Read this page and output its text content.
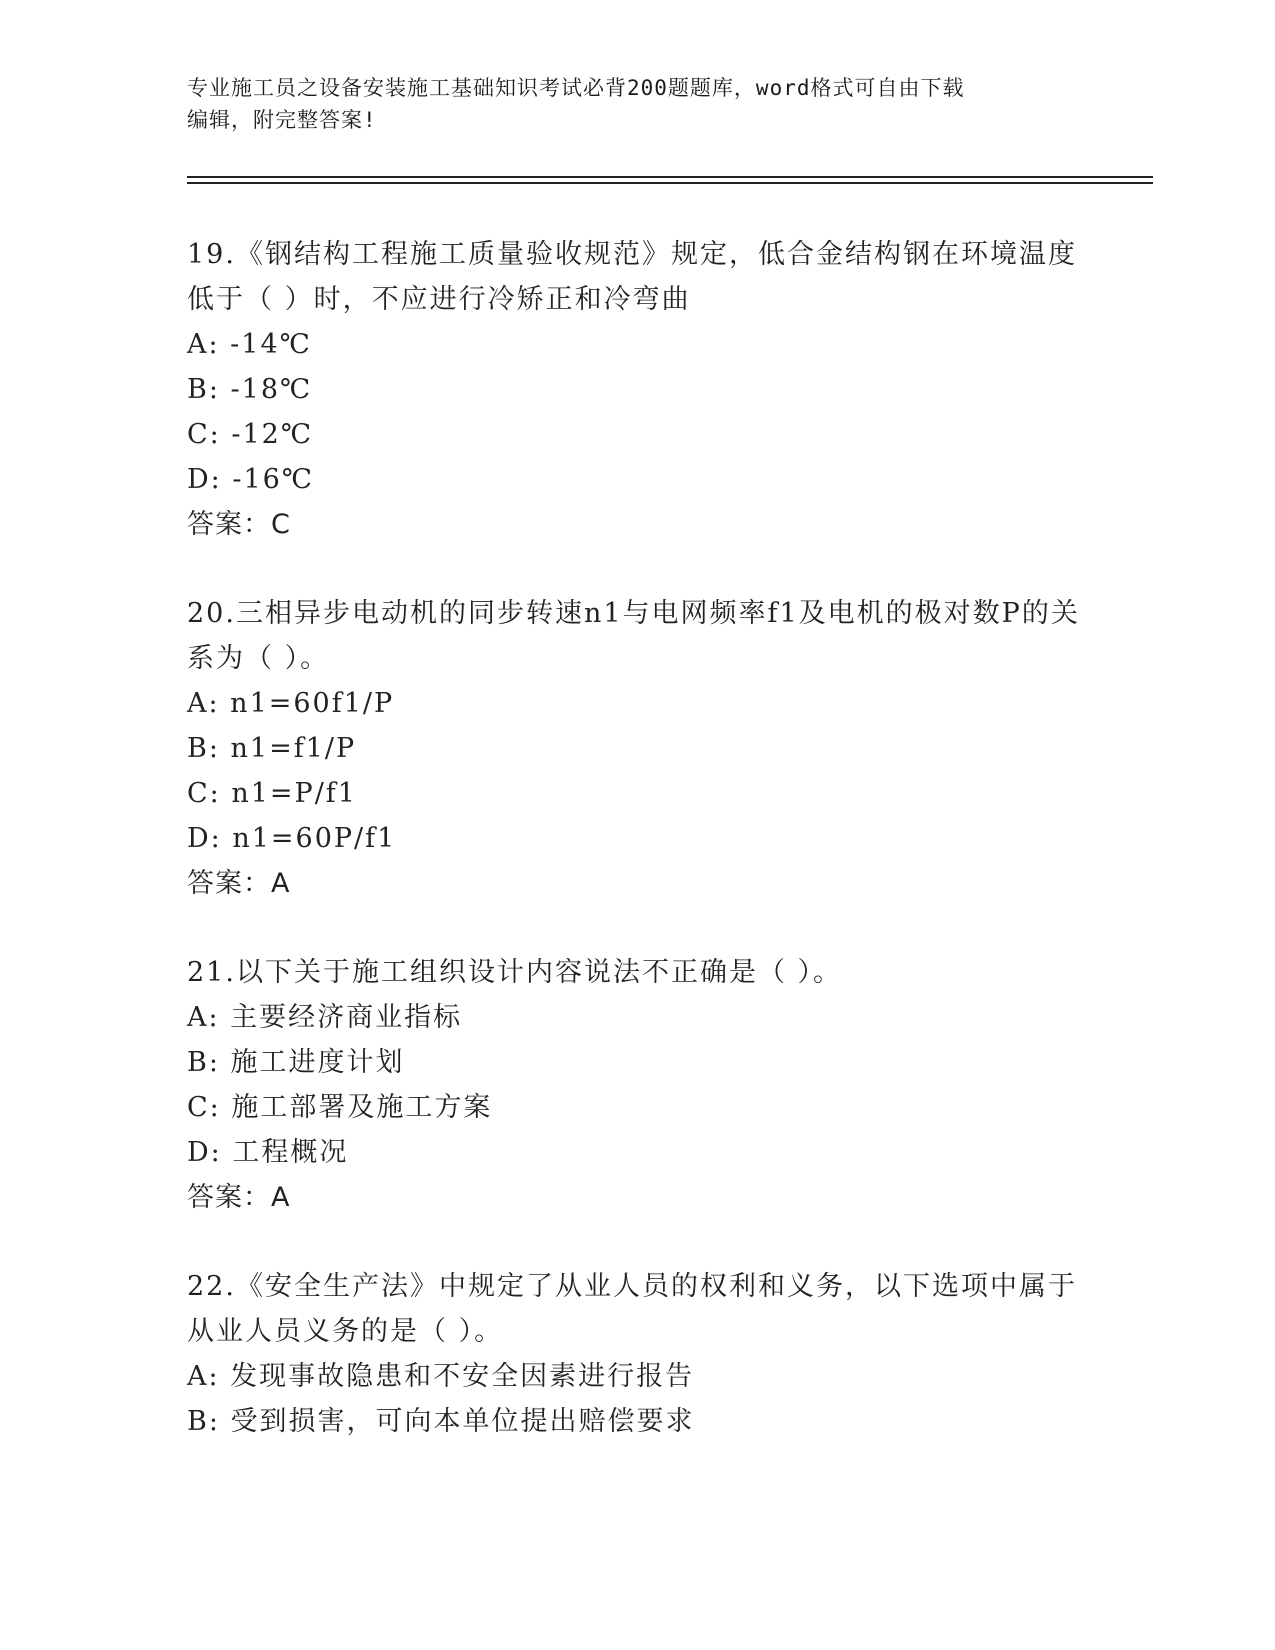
专业施工员之设备安装施工基础知识考试必背200题题库，word格式可自由下载
编辑，附完整答案!
19.《钢结构工程施工质量验收规范》规定，低合金结构钢在环境温度低于（ ）时，不应进行冷矫正和冷弯曲
A: -14℃
B: -18℃
C: -12℃
D: -16℃
答案：C
20.三相异步电动机的同步转速n1与电网频率f1及电机的极对数P的关系为（ ）。
A: n1=60f1/P
B: n1=f1/P
C: n1=P/f1
D: n1=60P/f1
答案：A
21.以下关于施工组织设计内容说法不正确是（ ）。
A: 主要经济商业指标
B: 施工进度计划
C: 施工部署及施工方案
D: 工程概况
答案：A
22.《安全生产法》中规定了从业人员的权利和义务，以下选项中属于从业人员义务的是（ ）。
A: 发现事故隐患和不安全因素进行报告
B: 受到损害，可向本单位提出赔偿要求
